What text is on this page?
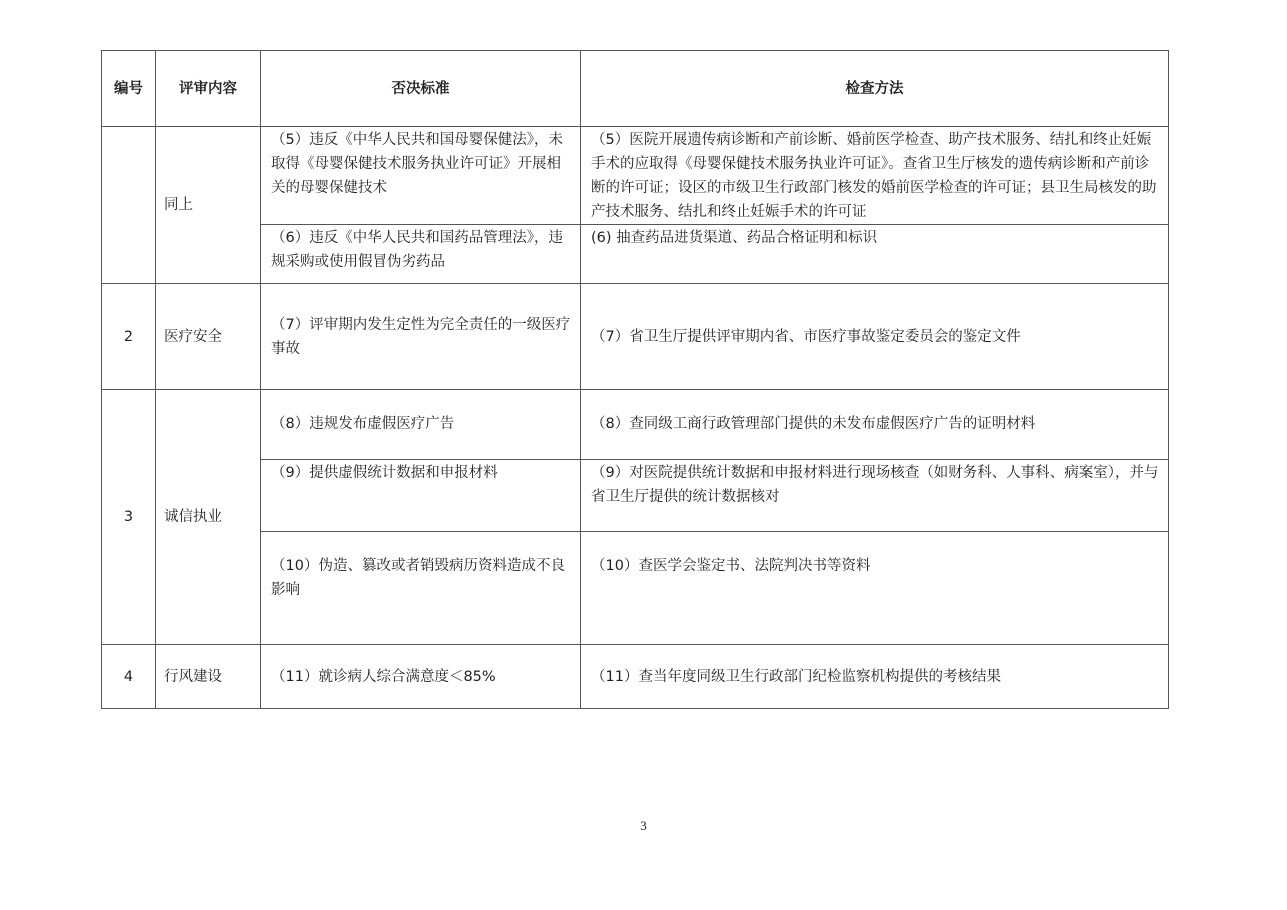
编号	评审内容	否决标准	检查方法
	同上	（5）违反《中华人民共和国母婴保健法》，未取得《母婴保健技术服务执业许可证》开展相关的母婴保健技术	（5）医院开展遗传病诊断和产前诊断、婚前医学检查、助产技术服务、结扎和终止妊娠手术的应取得《母婴保健技术服务执业许可证》。查省卫生厅核发的遗传病诊断和产前诊断的许可证；设区的市级卫生行政部门核发的婚前医学检查的许可证；县卫生局核发的助产技术服务、结扎和终止妊娠手术的许可证
		（6）违反《中华人民共和国药品管理法》，违规采购或使用假冒伪劣药品	(6) 抽查药品进货渠道、药品合格证明和标识
2	医疗安全	（7）评审期内发生定性为完全责任的一级医疗事故	（7）省卫生厅提供评审期内省、市医疗事故鉴定委员会的鉴定文件
3	诚信执业	（8）违规发布虚假医疗广告	（8）查同级工商行政管理部门提供的未发布虚假医疗广告的证明材料
		（9）提供虚假统计数据和申报材料	（9）对医院提供统计数据和申报材料进行现场核查（如财务科、人事科、病案室），并与省卫生厅提供的统计数据核对
		（10）伪造、篡改或者销毁病历资料造成不良影响	（10）查医学会鉴定书、法院判决书等资料
4	行风建设	（11）就诊病人综合满意度＜85%	（11）查当年度同级卫生行政部门纪检监察机构提供的考核结果
3
